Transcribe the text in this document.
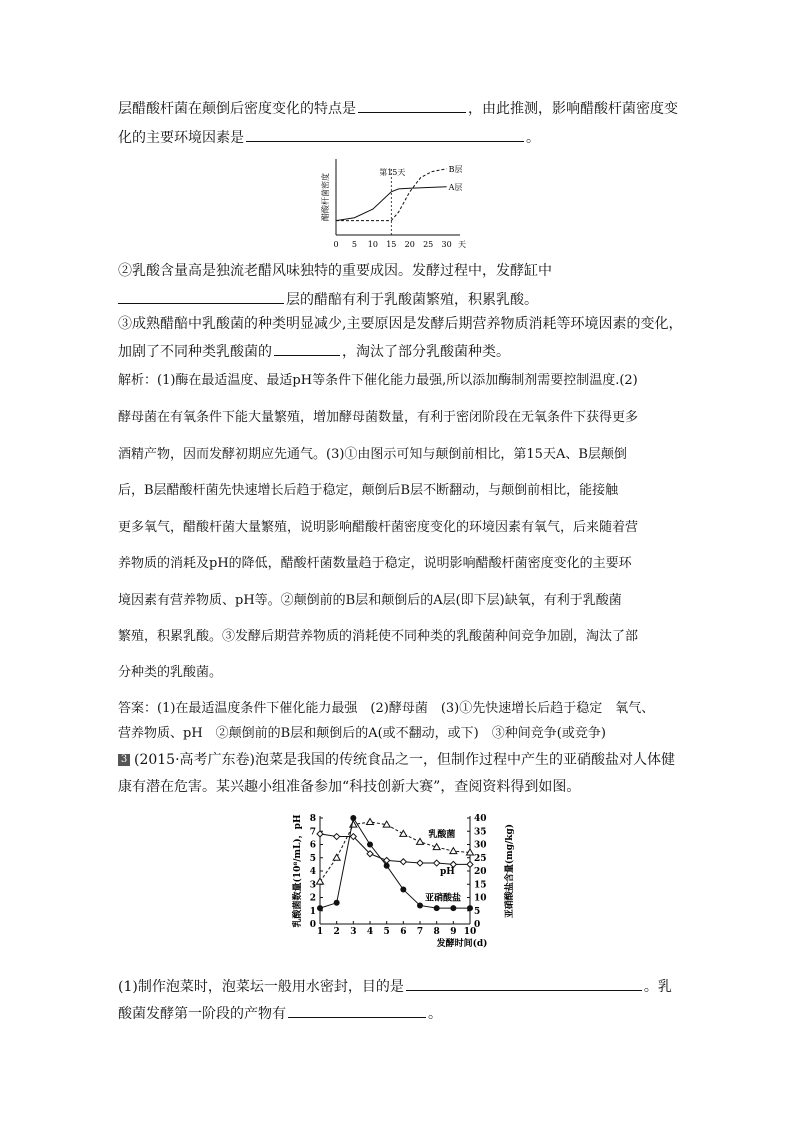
层醋酸杆菌在颠倒后密度变化的特点是	，由此推测，影响醋酸杆菌密度变
化的主要环境因素是	。
醋酸杆菌密度
0 5 10 15 20 25 30 天
第15天	B层
A层
②乳酸含量高是独流老醋风味独特的重要成因。发酵过程中，发酵缸中
层的醋醅有利于乳酸菌繁殖，积累乳酸。
③成熟醋醅中乳酸菌的种类明显减少,主要原因是发酵后期营养物质消耗等环境因素的变化，
加剧了不同种类乳酸菌的	，淘汰了部分乳酸菌种类。
解析：(1)酶在最适温度、最适pH等条件下催化能力最强,所以添加酶制剂需要控制温度.(2)
酵母菌在有氧条件下能大量繁殖，增加酵母菌数量，有利于密闭阶段在无氧条件下获得更多
酒精产物，因而发酵初期应先通气。(3)①由图示可知与颠倒前相比，第15天A、B层颠倒
后，B层醋酸杆菌先快速增长后趋于稳定，颠倒后B层不断翻动，与颠倒前相比，能接触
更多氧气，醋酸杆菌大量繁殖，说明影响醋酸杆菌密度变化的环境因素有氧气，后来随着营
养物质的消耗及pH的降低，醋酸杆菌数量趋于稳定，说明影响醋酸杆菌密度变化的主要环
境因素有营养物质、pH等。②颠倒前的B层和颠倒后的A层(即下层)缺氧，有利于乳酸菌
繁殖，积累乳酸。③发酵后期营养物质的消耗使不同种类的乳酸菌种间竞争加剧，淘汰了部
分种类的乳酸菌。
答案：(1)在最适温度条件下催化能力最强　(2)酵母菌　(3)①先快速增长后趋于稳定　氧气、
营养物质、pH　②颠倒前的B层和颠倒后的A(或不翻动，或下)　③种间竞争(或竞争)
3 (2015·高考广东卷)泡菜是我国的传统食品之一，但制作过程中产生的亚硝酸盐对人体健
康有潜在危害。某兴趣小组准备参加“科技创新大赛”，查阅资料得到如图。
0
1
2
3
4
5
6
7
8
0
5
10
15
20
25
30
35
40
1 2 3 4 5 6 7 8 9 10
发酵时间(d)
乳酸菌数量(10⁸/mL)，pH	亚硝酸盐含量(mg/kg)
乳酸菌
pH
亚硝酸盐
(1)制作泡菜时，泡菜坛一般用水密封，目的是	。乳
酸菌发酵第一阶段的产物有	。
